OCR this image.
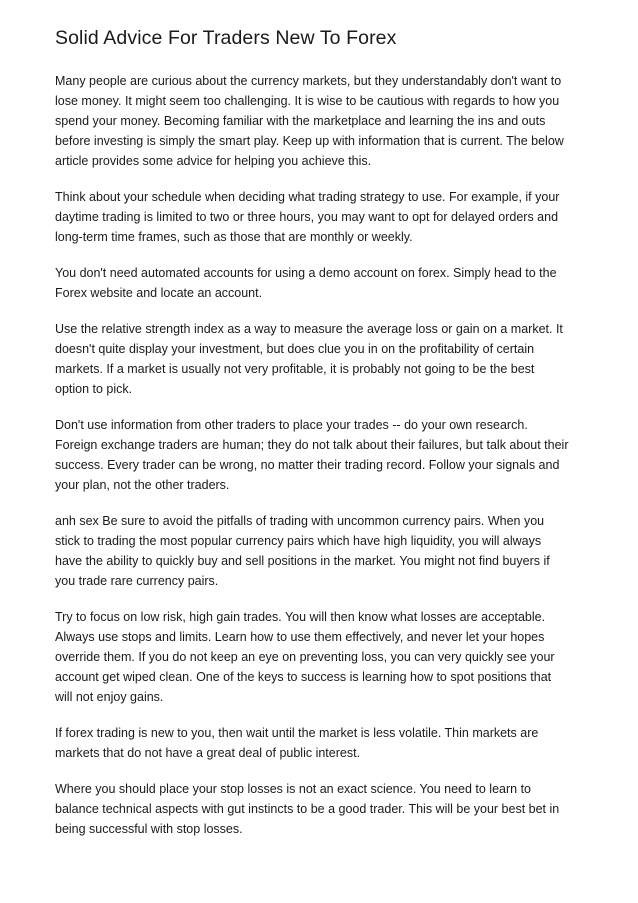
Solid Advice For Traders New To Forex

Many people are curious about the currency markets, but they understandably don't want to
lose money. It might seem too challenging. It is wise to be cautious with regards to how you
spend your money. Becoming familiar with the marketplace and learning the ins and outs
before investing is simply the smart play. Keep up with information that is current. The below
article provides some advice for helping you achieve this.

Think about your schedule when deciding what trading strategy to use. For example, if your
daytime trading is limited to two or three hours, you may want to opt for delayed orders and
long-term time frames, such as those that are monthly or weekly.

You don't need automated accounts for using a demo account on forex. Simply head to the
Forex website and locate an account.

Use the relative strength index as a way to measure the average loss or gain on a market. It
doesn't quite display your investment, but does clue you in on the profitability of certain
markets. If a market is usually not very profitable, it is probably not going to be the best
option to pick.

Don't use information from other traders to place your trades -- do your own research.
Foreign exchange traders are human; they do not talk about their failures, but talk about their
success. Every trader can be wrong, no matter their trading record. Follow your signals and
your plan, not the other traders.

anh sex Be sure to avoid the pitfalls of trading with uncommon currency pairs. When you
stick to trading the most popular currency pairs which have high liquidity, you will always
have the ability to quickly buy and sell positions in the market. You might not find buyers if
you trade rare currency pairs.

Try to focus on low risk, high gain trades. You will then know what losses are acceptable.
Always use stops and limits. Learn how to use them effectively, and never let your hopes
override them. If you do not keep an eye on preventing loss, you can very quickly see your
account get wiped clean. One of the keys to success is learning how to spot positions that
will not enjoy gains.

If forex trading is new to you, then wait until the market is less volatile. Thin markets are
markets that do not have a great deal of public interest.

Where you should place your stop losses is not an exact science. You need to learn to
balance technical aspects with gut instincts to be a good trader. This will be your best bet in
being successful with stop losses.
